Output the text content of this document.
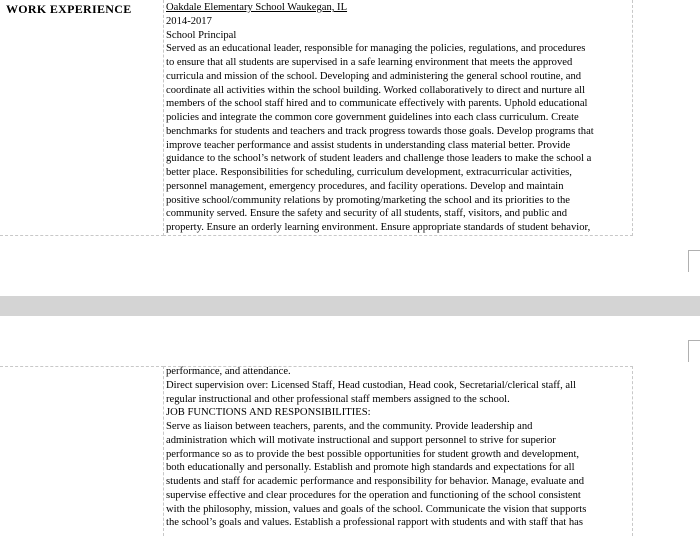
WORK EXPERIENCE	Oakdale Elementary School Waukegan, IL
2014-2017
School Principal
Served as an educational leader, responsible for managing the policies, regulations, and procedures
to ensure that all students are supervised in a safe learning environment that meets the approved
curricula and mission of the school. Developing and administering the general school routine, and
coordinate all activities within the school building. Worked collaboratively to direct and nurture all
members of the school staff hired and to communicate effectively with parents. Uphold educational
policies and integrate the common core government guidelines into each class curriculum. Create
benchmarks for students and teachers and track progress towards those goals. Develop programs that
improve teacher performance and assist students in understanding class material better. Provide
guidance to the school’s network of student leaders and challenge those leaders to make the school a
better place. Responsibilities for scheduling, curriculum development, extracurricular activities,
personnel management, emergency procedures, and facility operations. Develop and maintain
positive school/community relations by promoting/marketing the school and its priorities to the
community served. Ensure the safety and security of all students, staff, visitors, and public and
property. Ensure an orderly learning environment. Ensure appropriate standards of student behavior,
performance, and attendance.
Direct supervision over: Licensed Staff, Head custodian, Head cook, Secretarial/clerical staff, all
regular instructional and other professional staff members assigned to the school.
JOB FUNCTIONS AND RESPONSIBILITIES:
Serve as liaison between teachers, parents, and the community. Provide leadership and
administration which will motivate instructional and support personnel to strive for superior
performance so as to provide the best possible opportunities for student growth and development,
both educationally and personally. Establish and promote high standards and expectations for all
students and staff for academic performance and responsibility for behavior. Manage, evaluate and
supervise effective and clear procedures for the operation and functioning of the school consistent
with the philosophy, mission, values and goals of the school. Communicate the vision that supports
the school’s goals and values. Establish a professional rapport with students and with staff that has
